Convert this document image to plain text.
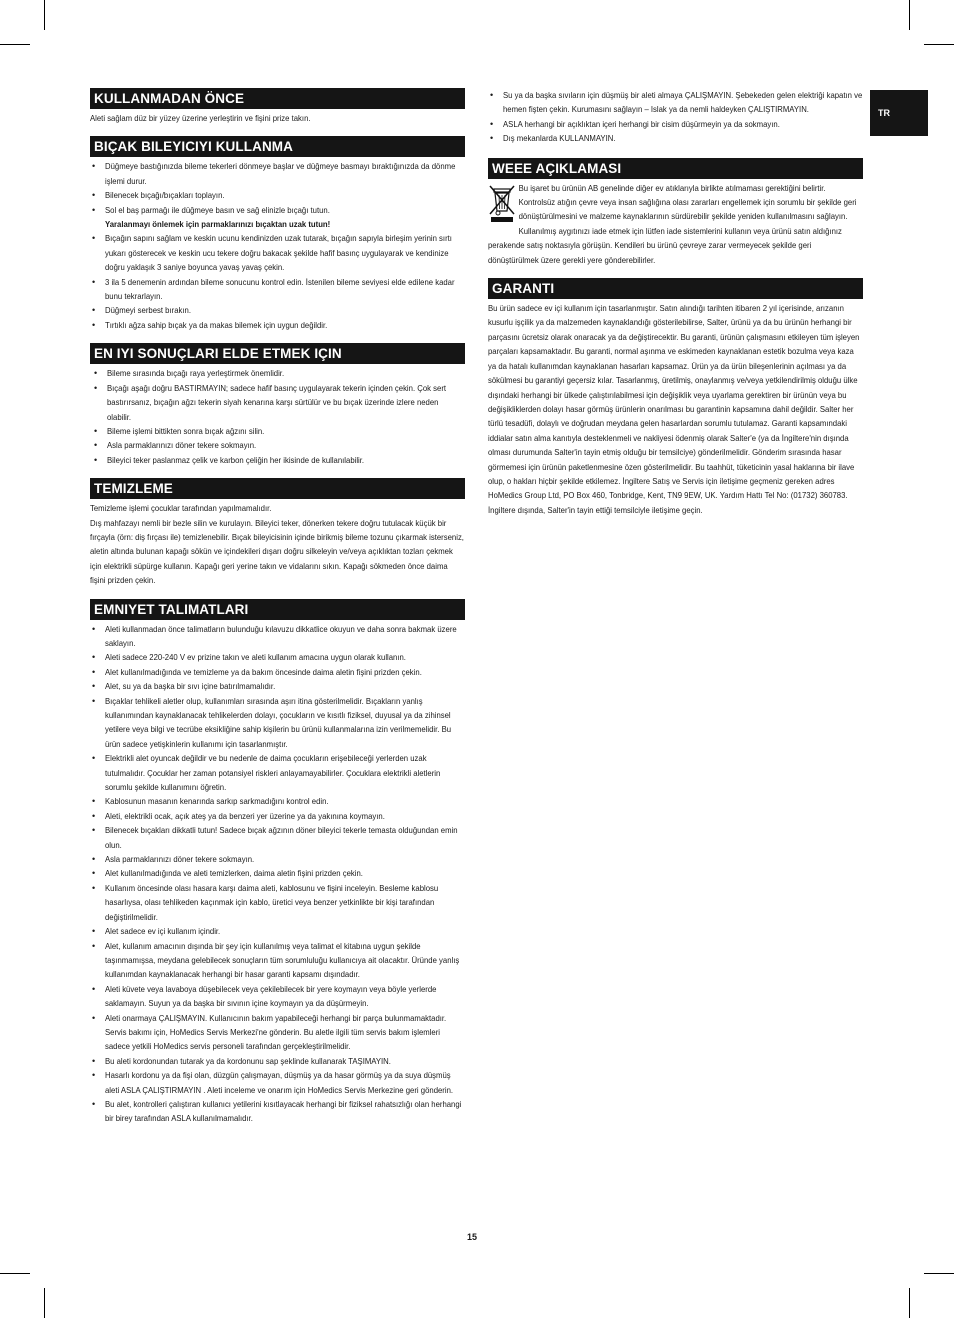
TR
KULLANMADAN ÖNCE

Aleti sağlam düz bir yüzey üzerine yerleştirin ve fişini prize takın.

BIÇAK BILEYICIYI KULLANMA
• Düğmeye bastığınızda bileme tekerleri dönmeye başlar ve düğmeye basmayı bıraktığınızda da dönme işlemi durur.
• Bilenecek bıçağı/bıçakları toplayın.
• Sol el baş parmağı ile düğmeye basın ve sağ elinizle bıçağı tutun.
Yaralanmayı önlemek için parmaklarınızı bıçaktan uzak tutun!
• Bıçağın sapını sağlam ve keskin ucunu kendinizden uzak tutarak, bıçağın sapıyla birleşim yerinin sırtı yukarı gösterecek ve keskin ucu tekere doğru bakacak şekilde hafif basınç uygulayarak ve kendinize doğru yaklaşık 3 saniye boyunca yavaş yavaş çekin.
• 3 ila 5 denemenin ardından bileme sonucunu kontrol edin. İstenilen bileme seviyesi elde edilene kadar bunu tekrarlayın.
• Düğmeyi serbest bırakın.
• Tırtıklı ağza sahip bıçak ya da makas bilemek için uygun değildir.
EN IYI SONUÇLARI ELDE ETMEK IÇIN
• Bileme sırasında bıçağı raya yerleştirmek önemlidir.
• Bıçağı aşağı doğru BASTIRMAYIN; sadece hafif basınç uygulayarak tekerin içinden çekin. Çok sert bastırırsanız, bıçağın ağzı tekerin siyah kenarına karşı sürtülür ve bu bıçak üzerinde izlere neden olabilir.
• Bileme işlemi bittikten sonra bıçak ağzını silin.
• Asla parmaklarınızı döner tekere sokmayın.
• Bileyici teker paslanmaz çelik ve karbon çeliğin her ikisinde de kullanılabilir.
TEMIZLEME

Temizleme işlemi çocuklar tarafından yapılmamalıdır.

Dış mahfazayı nemli bir bezle silin ve kurulayın. Bileyici teker, dönerken tekere doğru tutulacak küçük bir fırçayla (örn: diş fırçası ile) temizlenebilir. Bıçak bileyicisinin içinde birikmiş bileme tozunu çıkarmak isterseniz, aletin altında bulunan kapağı sökün ve içindekileri dışarı doğru silkeleyin ve/veya açıklıktan tozları çekmek için elektrikli süpürge kullanın. Kapağı geri yerine takın ve vidalarını sıkın. Kapağı sökmeden önce daima fişini prizden çekin.

EMNIYET TALIMATLARI
• Aleti kullanmadan önce talimatların bulunduğu kılavuzu dikkatlice okuyun ve daha sonra bakmak üzere saklayın.
• Aleti sadece 220-240 V ev prizine takın ve aleti kullanım amacına uygun olarak kullanın.
• Alet kullanılmadığında ve temizleme ya da bakım öncesinde daima aletin fişini prizden çekin.
• Alet, su ya da başka bir sıvı içine batırılmamalıdır.
• Bıçaklar tehlikeli aletler olup, kullanımları sırasında aşırı itina gösterilmelidir. Bıçakların yanlış kullanımından kaynaklanacak tehlikelerden dolayı, çocukların ve kısıtlı fiziksel, duyusal ya da zihinsel yetilere veya bilgi ve tecrübe eksikliğine sahip kişilerin bu ürünü kullanmalarına izin verilmemelidir. Bu ürün sadece yetişkinlerin kullanımı için tasarlanmıştır.
• Elektrikli alet oyuncak değildir ve bu nedenle de daima çocukların erişebileceği yerlerden uzak tutulmalıdır. Çocuklar her zaman potansiyel riskleri anlayamayabilirler. Çocuklara elektrikli aletlerin sorumlu şekilde kullanımını öğretin.
• Kablosunun masanın kenarında sarkıp sarkmadığını kontrol edin.
• Aleti, elektrikli ocak, açık ateş ya da benzeri yer üzerine ya da yakınına koymayın.
• Bilenecek bıçakları dikkatli tutun! Sadece bıçak ağzının döner bileyici tekerle temasta olduğundan emin olun.
• Asla parmaklarınızı döner tekere sokmayın.
• Alet kullanılmadığında ve aleti temizlerken, daima aletin fişini prizden çekin.
• Kullanım öncesinde olası hasara karşı daima aleti, kablosunu ve fişini inceleyin. Besleme kablosu hasarlıysa, olası tehlikeden kaçınmak için kablo, üretici veya benzer yetkinlikte bir kişi tarafından değiştirilmelidir.
• Alet sadece ev içi kullanım içindir.
• Alet, kullanım amacının dışında bir şey için kullanılmış veya talimat el kitabına uygun şekilde taşınmamışsa, meydana gelebilecek sonuçların tüm sorumluluğu kullanıcıya ait olacaktır. Üründe yanlış kullanımdan kaynaklanacak herhangi bir hasar garanti kapsamı dışındadır.
• Aleti küvete veya lavaboya düşebilecek veya çekilebilecek bir yere koymayın veya böyle yerlerde saklamayın. Suyun ya da başka bir sıvının içine koymayın ya da düşürmeyin.
• Aleti onarmaya ÇALIŞMAYIN. Kullanıcının bakım yapabileceği herhangi bir parça bulunmamaktadır. Servis bakımı için, HoMedics Servis Merkezi'ne gönderin. Bu aletle ilgili tüm servis bakım işlemleri sadece yetkili HoMedics servis personeli tarafından gerçekleştirilmelidir.
• Bu aleti kordonundan tutarak ya da kordonunu sap şeklinde kullanarak TAŞIMAYIN.
• Hasarlı kordonu ya da fişi olan, düzgün çalışmayan, düşmüş ya da hasar görmüş ya da suya düşmüş aleti ASLA ÇALIŞTIRMAYIN . Aleti inceleme ve onarım için HoMedics Servis Merkezine geri gönderin.
• Bu alet, kontrolleri çalıştıran kullanıcı yetilerini kısıtlayacak herhangi bir fiziksel rahatsızlığı olan herhangi bir birey tarafından ASLA kullanılmamalıdır.
• Su ya da başka sıvıların için düşmüş bir aleti almaya ÇALIŞMAYIN. Şebekeden gelen elektriği kapatın ve hemen fişten çekin. Kurumasını sağlayın – Islak ya da nemli haldeyken ÇALIŞTIRMAYIN.
• ASLA herhangi bir açıklıktan içeri herhangi bir cisim düşürmeyin ya da sokmayın.
• Dış mekanlarda KULLANMAYIN.
WEEE AÇIKLAMASI

Bu işaret bu ürünün AB genelinde diğer ev atıklarıyla birlikte atılmaması gerektiğini belirtir. Kontrolsüz atığın çevre veya insan sağlığına olası zararları engellemek için sorumlu bir şekilde geri dönüştürülmesini ve malzeme kaynaklarının sürdürebilir şekilde yeniden kullanılmasını sağlayın. Kullanılmış aygıtınızı iade etmek için lütfen iade sistemlerini kullanın veya ürünü satın aldığınız perakende satış noktasıyla görüşün. Kendileri bu ürünü çevreye zarar vermeyecek şekilde geri dönüştürülmek üzere gerekli yere gönderebilirler.

GARANTI

Bu ürün sadece ev içi kullanım için tasarlanmıştır. Satın alındığı tarihten itibaren 2 yıl içerisinde, arızanın kusurlu işçilik ya da malzemeden kaynaklandığı gösterilebilirse, Salter, ürünü ya da bu ürünün herhangi bir parçasını ücretsiz olarak onaracak ya da değiştirecektir. Bu garanti, ürünün çalışmasını etkileyen tüm işleyen parçaları kapsamaktadır. Bu garanti, normal aşınma ve eskimeden kaynaklanan estetik bozulma veya kaza ya da hatalı kullanımdan kaynaklanan hasarları kapsamaz. Ürün ya da ürün bileşenlerinin açılması ya da sökülmesi bu garantiyi geçersiz kılar. Tasarlanmış, üretilmiş, onaylanmış ve/veya yetkilendirilmiş olduğu ülke dışındaki herhangi bir ülkede çalıştırılabilmesi için değişiklik veya uyarlama gerektiren bir ürünün veya bu değişikliklerden dolayı hasar görmüş ürünlerin onarılması bu garantinin kapsamına dahil değildir. Salter her türlü tesadüfi, dolaylı ve doğrudan meydana gelen hasarlardan sorumlu tutulamaz. Garanti kapsamındaki iddialar satın alma kanıtıyla desteklenmeli ve nakliyesi ödenmiş olarak Salter'e (ya da İngiltere'nin dışında olması durumunda Salter'in tayin etmiş olduğu bir temsilciye) gönderilmelidir. Gönderim sırasında hasar görmemesi için ürünün paketlenmesine özen gösterilmelidir. Bu taahhüt, tüketicinin yasal haklarına bir ilave olup, o hakları hiçbir şekilde etkilemez. İngiltere Satış ve Servis için iletişime geçmeniz gereken adres HoMedics Group Ltd, PO Box 460, Tonbridge, Kent, TN9 9EW, UK. Yardım Hattı Tel No: (01732) 360783. İngiltere dışında, Salter'in tayin ettiği temsilciyle iletişime geçin.

15
